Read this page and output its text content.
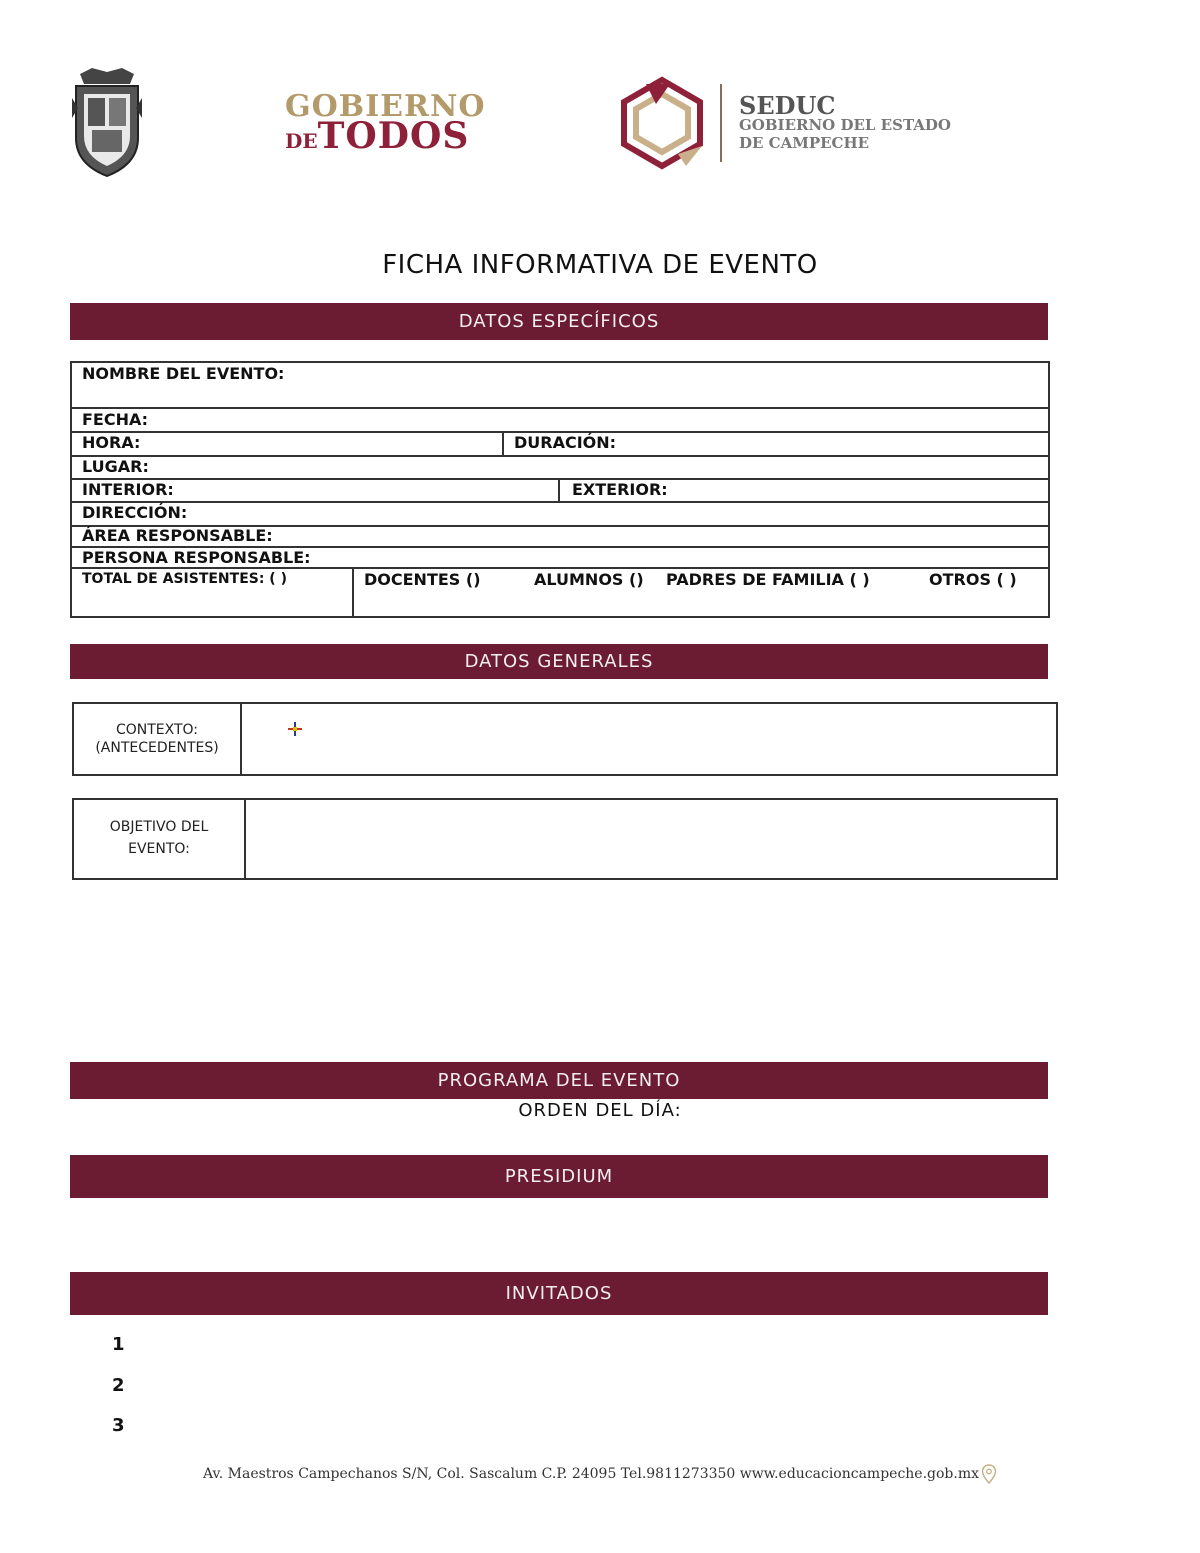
GOBIERNO
DETODOS
SEDUC
GOBIERNO DEL ESTADO
DE CAMPECHE
FICHA INFORMATIVA DE EVENTO
DATOS ESPECÍFICOS
NOMBRE DEL EVENTO:
FECHA:
HORA:	DURACIÓN:
LUGAR:
INTERIOR:	EXTERIOR:
DIRECCIÓN:
ÁREA RESPONSABLE:
PERSONA RESPONSABLE:
TOTAL DE ASISTENTES: ( )	DOCENTES ()	ALUMNOS () PADRES DE FAMILIA ( )	OTROS ( )
DATOS GENERALES
CONTEXTO:
(ANTECEDENTES)
OBJETIVO DEL
EVENTO:
PROGRAMA DEL EVENTO
ORDEN DEL DÍA:
PRESIDIUM
INVITADOS
1
2
3
Av. Maestros Campechanos S/N, Col. Sascalum C.P. 24095 Tel.9811273350 www.educacioncampeche.gob.mx
